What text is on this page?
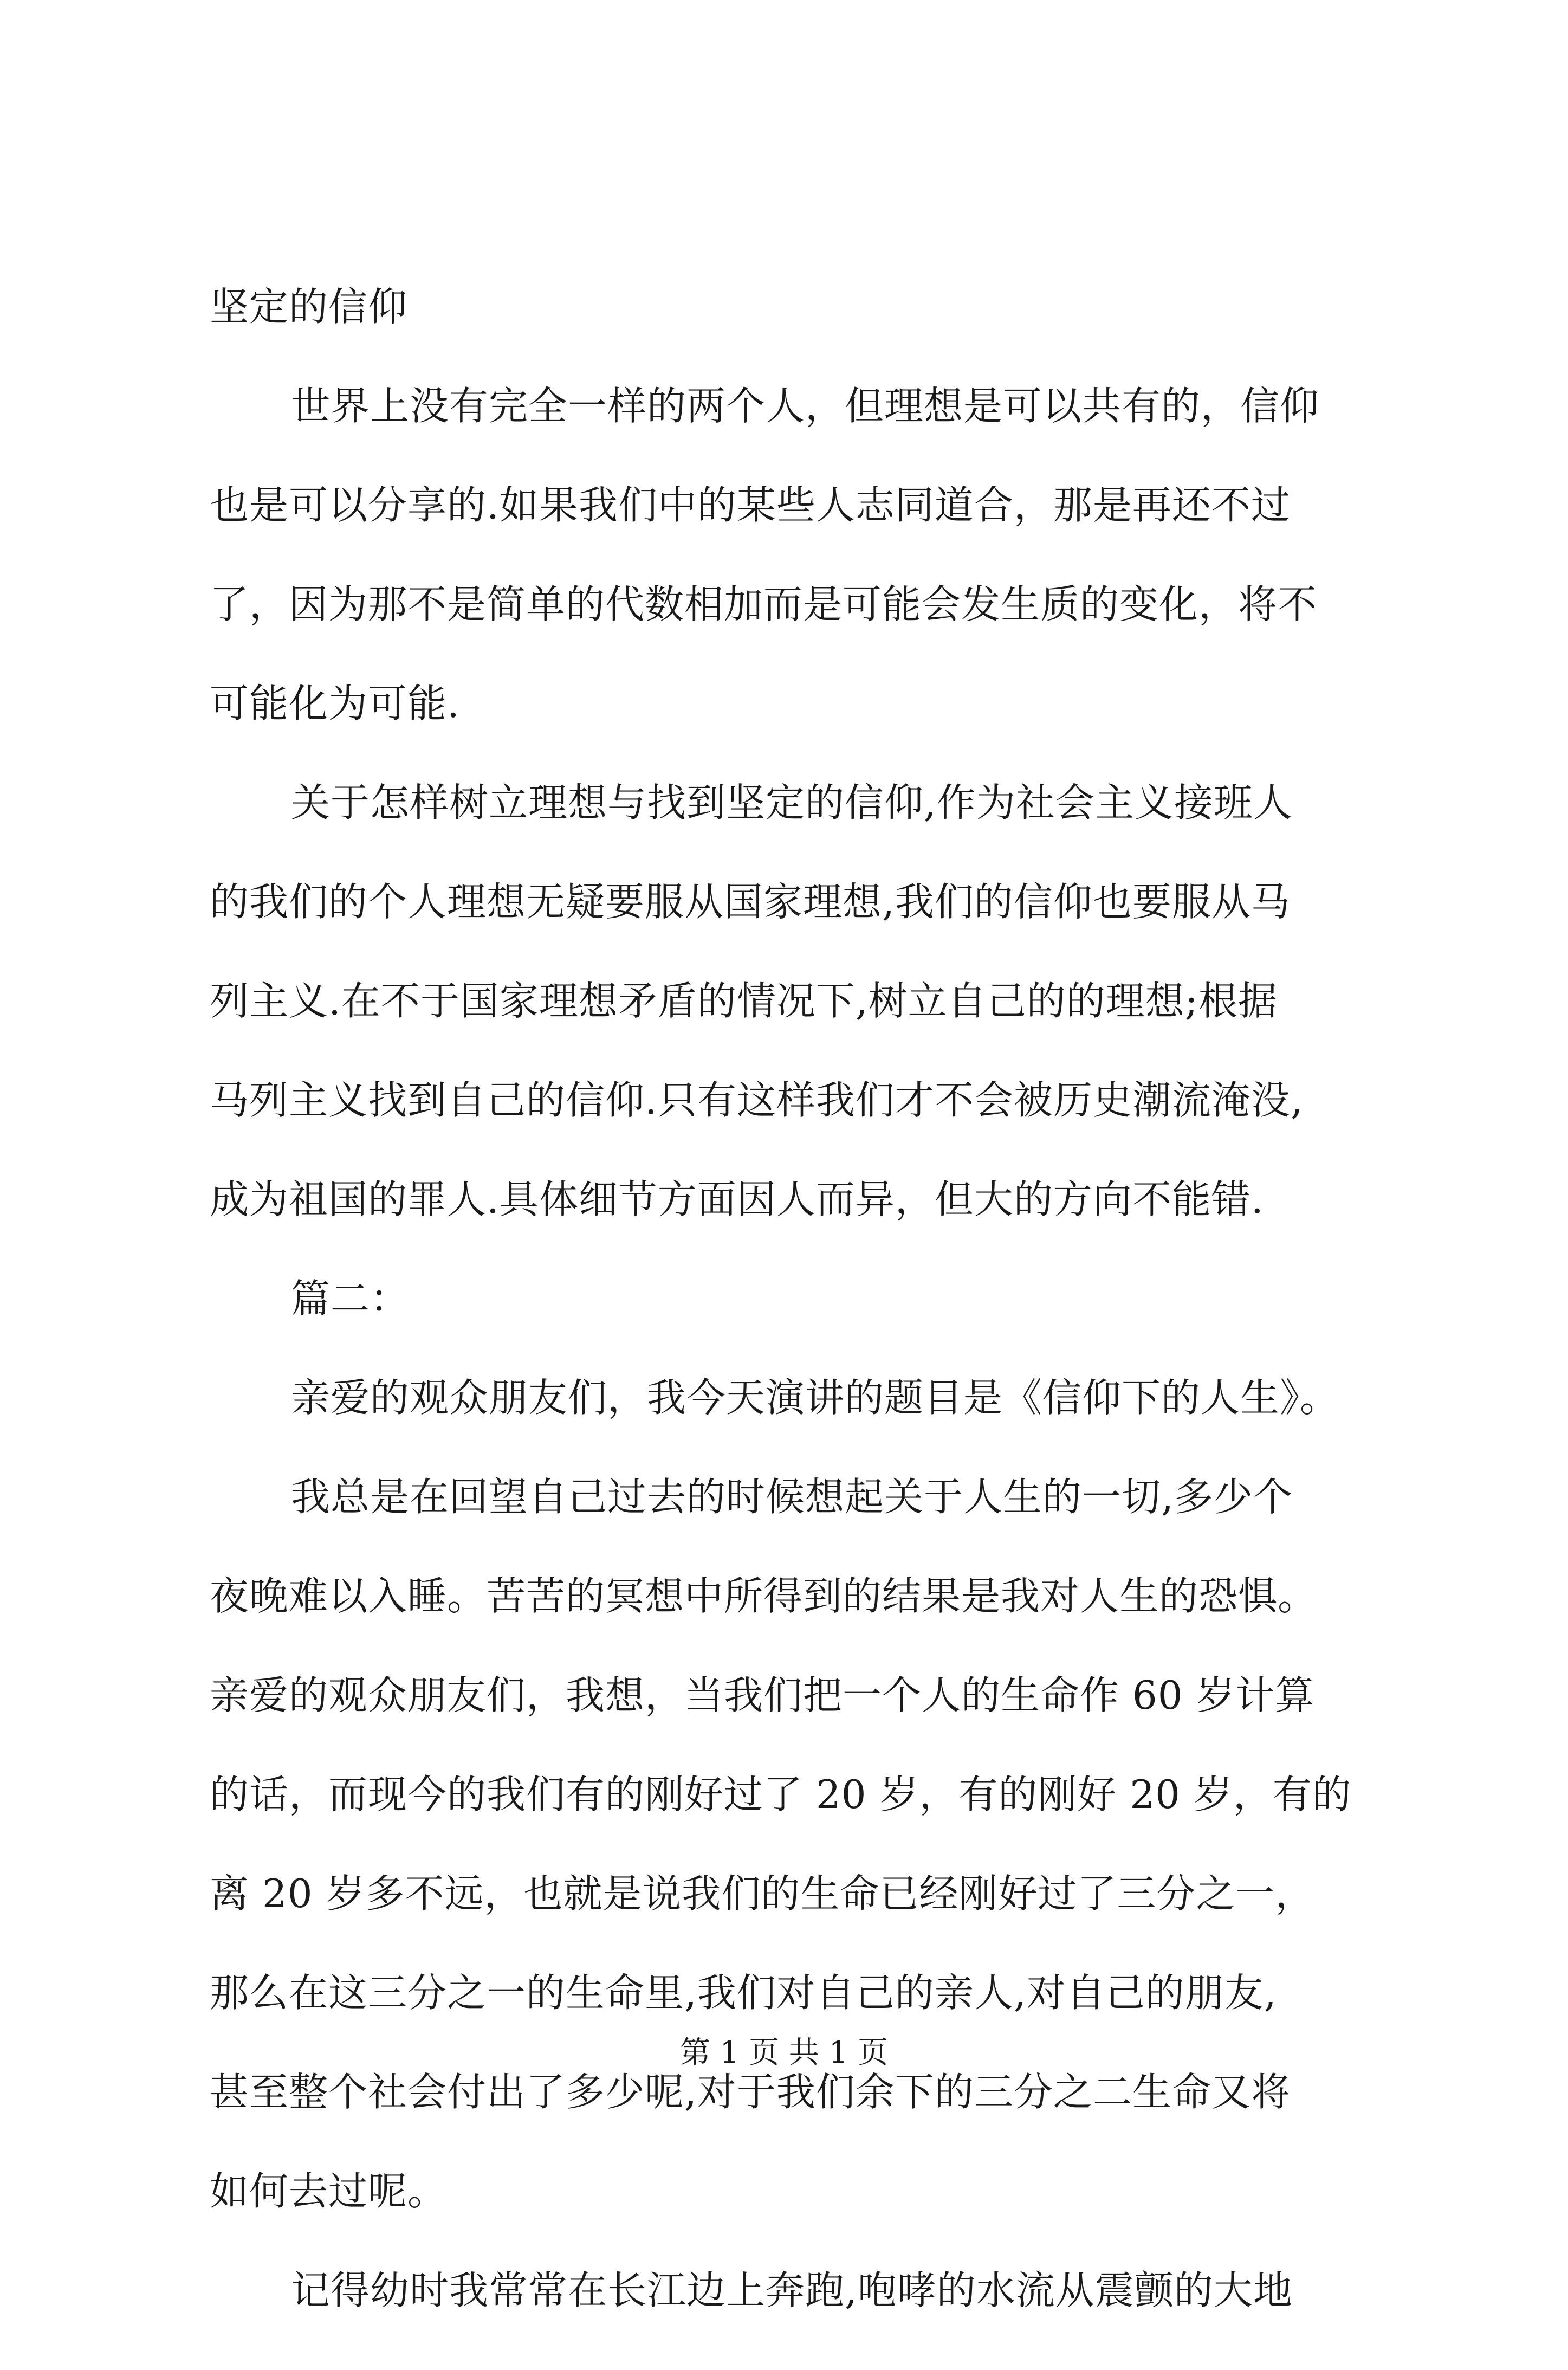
坚定的信仰

世界上没有完全一样的两个人，但理想是可以共有的，信仰

也是可以分享的.如果我们中的某些人志同道合，那是再还不过

了，因为那不是简单的代数相加而是可能会发生质的变化，将不

可能化为可能.

关于怎样树立理想与找到坚定的信仰,作为社会主义接班人

的我们的个人理想无疑要服从国家理想,我们的信仰也要服从马

列主义.在不于国家理想矛盾的情况下,树立自己的的理想;根据

马列主义找到自己的信仰.只有这样我们才不会被历史潮流淹没,

成为祖国的罪人.具体细节方面因人而异，但大的方向不能错.

篇二：

亲爱的观众朋友们，我今天演讲的题目是《信仰下的人生》。

我总是在回望自己过去的时候想起关于人生的一切,多少个

夜晚难以入睡。苦苦的冥想中所得到的结果是我对人生的恐惧。

亲爱的观众朋友们，我想，当我们把一个人的生命作 60 岁计算

的话，而现今的我们有的刚好过了 20 岁，有的刚好 20 岁，有的

离 20 岁多不远，也就是说我们的生命已经刚好过了三分之一，

那么在这三分之一的生命里,我们对自己的亲人,对自己的朋友,

甚至整个社会付出了多少呢,对于我们余下的三分之二生命又将

如何去过呢。

记得幼时我常常在长江边上奔跑,咆哮的水流从震颤的大地

第 1 页 共 1 页
